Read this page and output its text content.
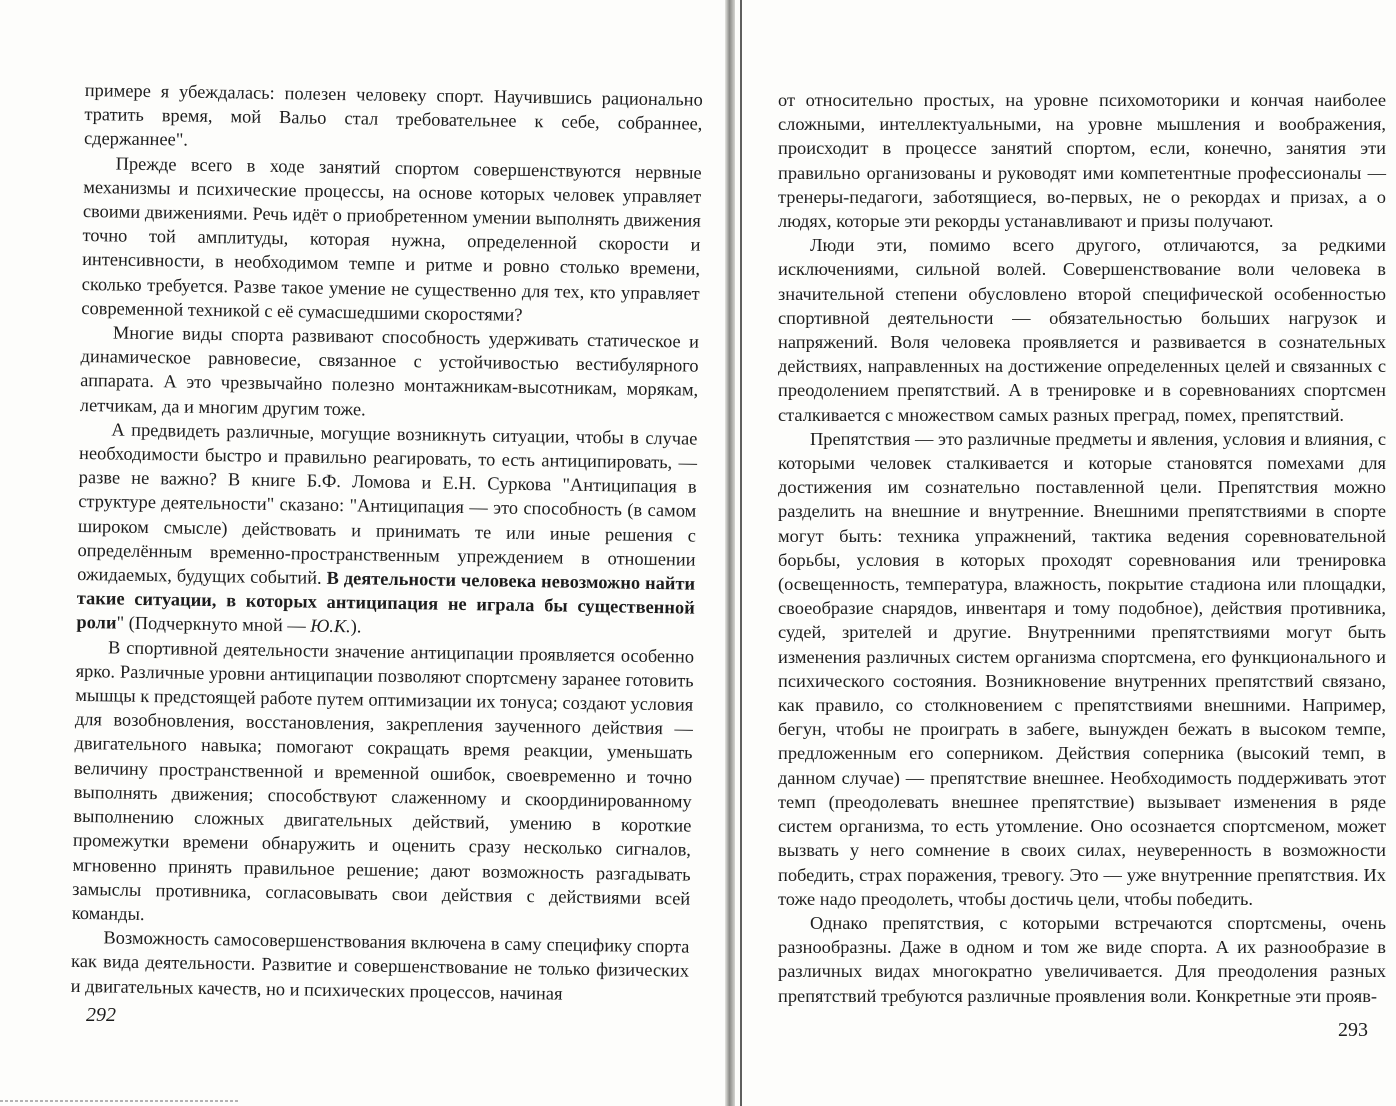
примере я убеждалась: полезен человеку спорт. Научившись рационально тратить время, мой Вальо стал требовательнее к себе, собраннее, сдержаннее".

Прежде всего в ходе занятий спортом совершенствуются нервные механизмы и психические процессы, на основе которых человек управляет своими движениями. Речь идёт о приобретенном умении выполнять движения точно той амплитуды, которая нужна, определенной скорости и интенсивности, в необходимом темпе и ритме и ровно столько времени, сколько требуется. Разве такое умение не существенно для тех, кто управляет современной техникой с её сумасшедшими скоростями?

Многие виды спорта развивают способность удерживать статическое и динамическое равновесие, связанное с устойчивостью вестибулярного аппарата. А это чрезвычайно полезно монтажникам-высотникам, морякам, летчикам, да и многим другим тоже.

А предвидеть различные, могущие возникнуть ситуации, чтобы в случае необходимости быстро и правильно реагировать, то есть антиципировать, — разве не важно? В книге Б.Ф. Ломова и Е.Н. Суркова "Антиципация в структуре деятельности" сказано: "Антиципация — это способность (в самом широком смысле) действовать и принимать те или иные решения с определённым временно-пространственным упреждением в отношении ожидаемых, будущих событий. В деятельности человека невозможно найти такие ситуации, в которых антиципация не играла бы существенной роли" (Подчеркнуто мной — Ю.К.).

В спортивной деятельности значение антиципации проявляется особенно ярко. Различные уровни антиципации позволяют спортсмену заранее готовить мышцы к предстоящей работе путем оптимизации их тонуса; создают условия для возобновления, восстановления, закрепления заученного действия — двигательного навыка; помогают сокращать время реакции, уменьшать величину пространственной и временной ошибок, своевременно и точно выполнять движения; способствуют слаженному и скоординированному выполнению сложных двигательных действий, умению в короткие промежутки времени обнаружить и оценить сразу несколько сигналов, мгновенно принять правильное решение; дают возможность разгадывать замыслы противника, согласовывать свои действия с действиями всей команды.

Возможность самосовершенствования включена в саму специфику спорта как вида деятельности. Развитие и совершенствование не только физических и двигательных качеств, но и психических процессов, начиная

292

от относительно простых, на уровне психомоторики и кончая наиболее сложными, интеллектуальными, на уровне мышления и воображения, происходит в процессе занятий спортом, если, конечно, занятия эти правильно организованы и руководят ими компетентные профессионалы — тренеры-педагоги, заботящиеся, во-первых, не о рекордах и призах, а о людях, которые эти рекорды устанавливают и призы получают.

Люди эти, помимо всего другого, отличаются, за редкими исключениями, сильной волей. Совершенствование воли человека в значительной степени обусловлено второй специфической особенностью спортивной деятельности — обязательностью больших нагрузок и напряжений. Воля человека проявляется и развивается в сознательных действиях, направленных на достижение определенных целей и связанных с преодолением препятствий. А в тренировке и в соревнованиях спортсмен сталкивается с множеством самых разных преград, помех, препятствий.

Препятствия — это различные предметы и явления, условия и влияния, с которыми человек сталкивается и которые становятся помехами для достижения им сознательно поставленной цели. Препятствия можно разделить на внешние и внутренние. Внешними препятствиями в спорте могут быть: техника упражнений, тактика ведения соревновательной борьбы, условия в которых проходят соревнования или тренировка (освещенность, температура, влажность, покрытие стадиона или площадки, своеобразие снарядов, инвентаря и тому подобное), действия противника, судей, зрителей и другие. Внутренними препятствиями могут быть изменения различных систем организма спортсмена, его функционального и психического состояния. Возникновение внутренних препятствий связано, как правило, со столкновением с препятствиями внешними. Например, бегун, чтобы не проиграть в забеге, вынужден бежать в высоком темпе, предложенным его соперником. Действия соперника (высокий темп, в данном случае) — препятствие внешнее. Необходимость поддерживать этот темп (преодолевать внешнее препятствие) вызывает изменения в ряде систем организма, то есть утомление. Оно осознается спортсменом, может вызвать у него сомнение в своих силах, неуверенность в возможности победить, страх поражения, тревогу. Это — уже внутренние препятствия. Их тоже надо преодолеть, чтобы достичь цели, чтобы победить.

Однако препятствия, с которыми встречаются спортсмены, очень разнообразны. Даже в одном и том же виде спорта. А их разнообразие в различных видах многократно увеличивается. Для преодоления разных препятствий требуются различные проявления воли. Конкретные эти прояв-

293
